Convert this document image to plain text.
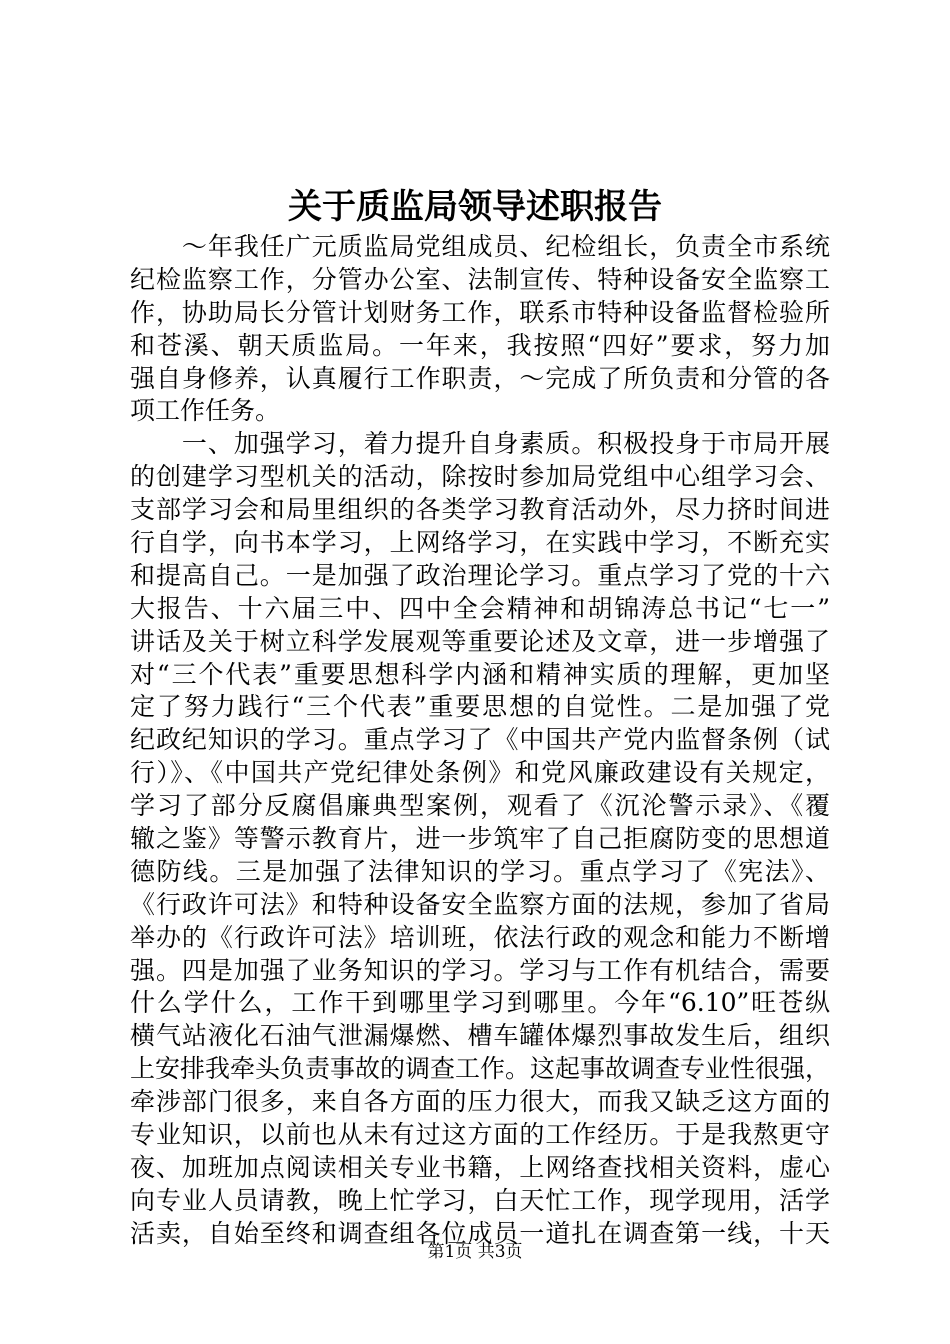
关于质监局领导述职报告
　　～年我任广元质监局党组成员、纪检组长，负责全市系统
纪检监察工作，分管办公室、法制宣传、特种设备安全监察工
作，协助局长分管计划财务工作，联系市特种设备监督检验所
和苍溪、朝天质监局。一年来，我按照“四好”要求，努力加
强自身修养，认真履行工作职责，～完成了所负责和分管的各
项工作任务。
　　一、加强学习，着力提升自身素质。积极投身于市局开展
的创建学习型机关的活动，除按时参加局党组中心组学习会、
支部学习会和局里组织的各类学习教育活动外，尽力挤时间进
行自学，向书本学习，上网络学习，在实践中学习，不断充实
和提高自己。一是加强了政治理论学习。重点学习了党的十六
大报告、十六届三中、四中全会精神和胡锦涛总书记“七一”
讲话及关于树立科学发展观等重要论述及文章，进一步增强了
对“三个代表”重要思想科学内涵和精神实质的理解，更加坚
定了努力践行“三个代表”重要思想的自觉性。二是加强了党
纪政纪知识的学习。重点学习了《中国共产党内监督条例（试
行）》、《中国共产党纪律处条例》和党风廉政建设有关规定，
学习了部分反腐倡廉典型案例，观看了《沉沦警示录》、《覆
辙之鉴》等警示教育片，进一步筑牢了自己拒腐防变的思想道
德防线。三是加强了法律知识的学习。重点学习了《宪法》、
《行政许可法》和特种设备安全监察方面的法规，参加了省局
举办的《行政许可法》培训班，依法行政的观念和能力不断增
强。四是加强了业务知识的学习。学习与工作有机结合，需要
什么学什么，工作干到哪里学习到哪里。今年“6.10”旺苍纵
横气站液化石油气泄漏爆燃、槽车罐体爆烈事故发生后，组织
上安排我牵头负责事故的调查工作。这起事故调查专业性很强，
牵涉部门很多，来自各方面的压力很大，而我又缺乏这方面的
专业知识，以前也从未有过这方面的工作经历。于是我熬更守
夜、加班加点阅读相关专业书籍，上网络查找相关资料，虚心
向专业人员请教，晚上忙学习，白天忙工作，现学现用，活学
活卖，自始至终和调查组各位成员一道扎在调查第一线，十天
第1页 共3页
